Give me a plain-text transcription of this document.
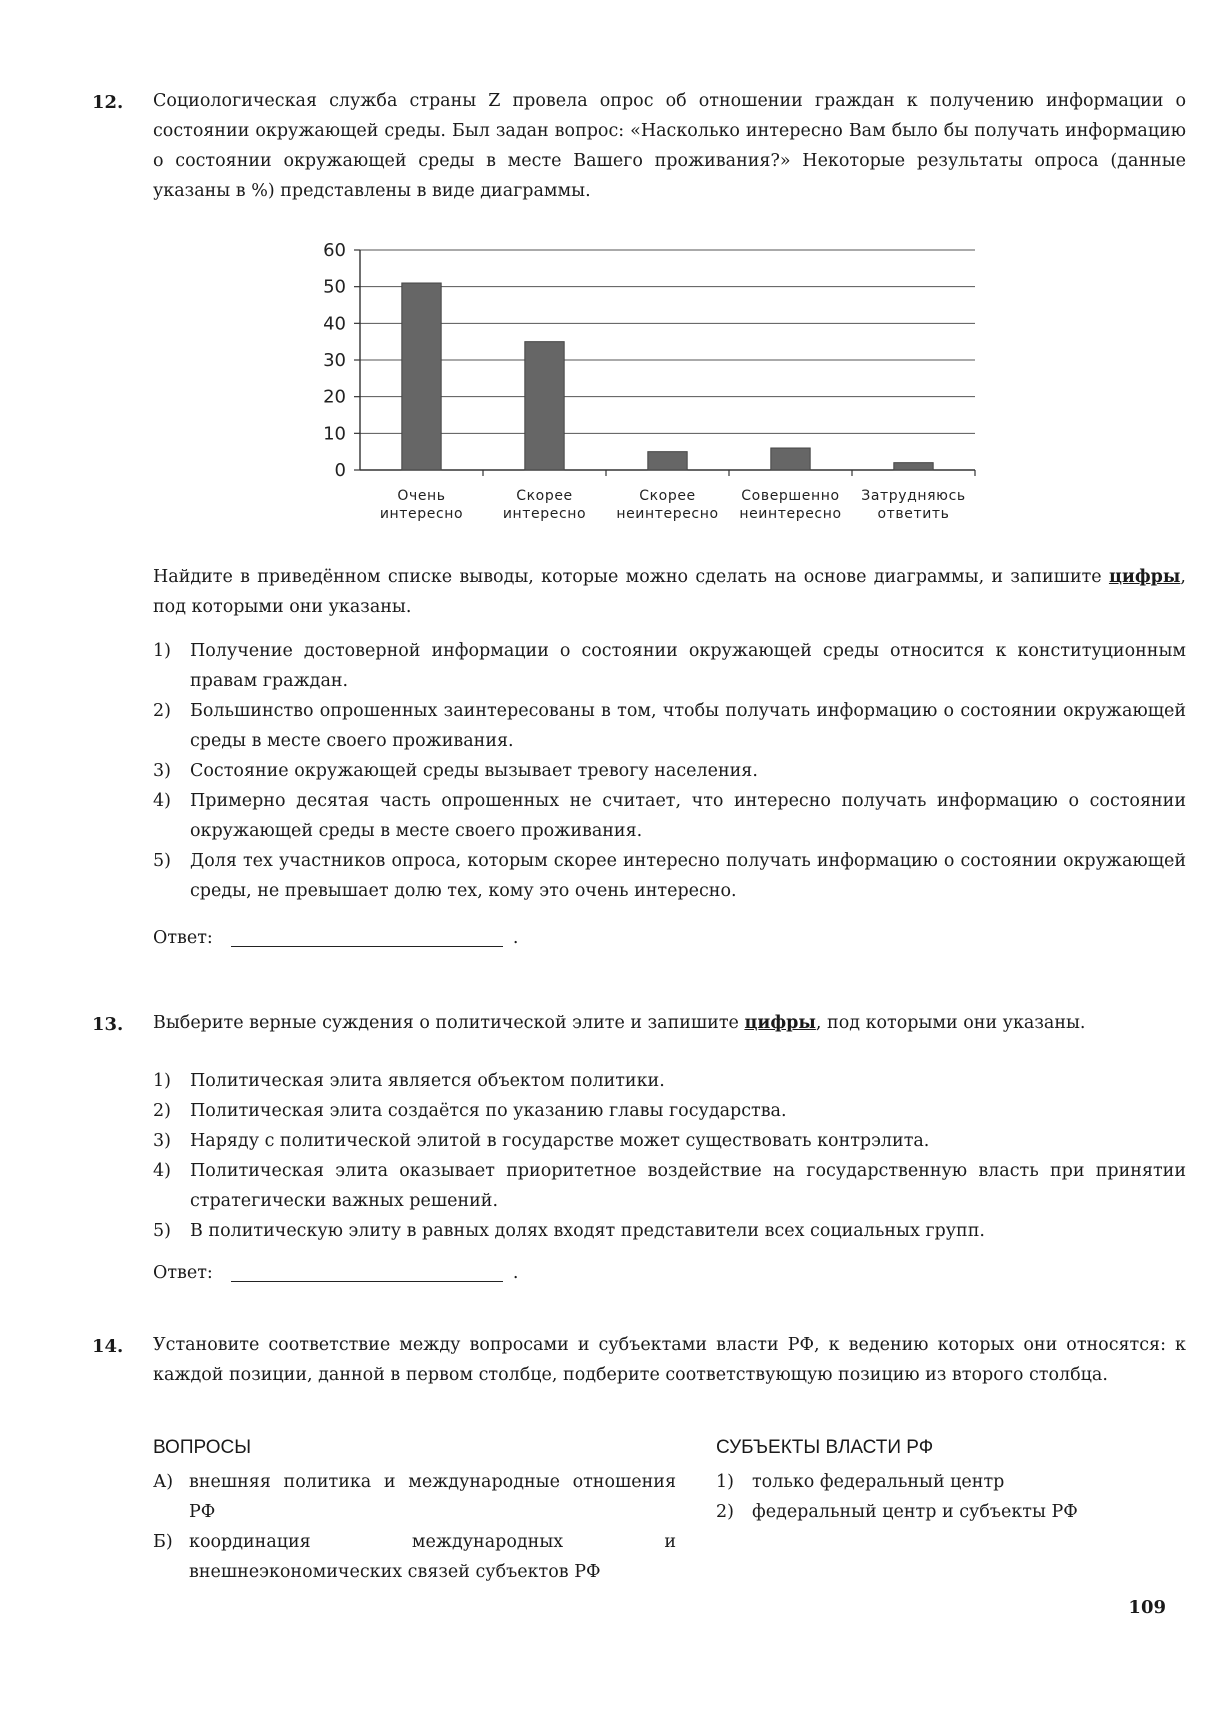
12. Социологическая служба страны Z провела опрос об отношении граждан к получению информации о состоянии окружающей среды. Был задан вопрос: «Насколько интересно Вам было бы получать информацию о состоянии окружающей среды в месте Вашего проживания?» Некоторые результаты опроса (данные указаны в %) представлены в виде диаграммы.
0
10
20
30
40
50
60
Очень
интересно
Скорее
интересно
Скорее
неинтересно
Совершенно
неинтересно
Затрудняюсь
ответить
Найдите в приведённом списке выводы, которые можно сделать на основе диаграммы, и запишите цифры, под которыми они указаны.
1) Получение достоверной информации о состоянии окружающей среды относится к конституционным правам граждан.
2) Большинство опрошенных заинтересованы в том, чтобы получать информацию о состоянии окружающей среды в месте своего проживания.
3) Состояние окружающей среды вызывает тревогу населения.
4) Примерно десятая часть опрошенных не считает, что интересно получать информацию о состоянии окружающей среды в месте своего проживания.
5) Доля тех участников опроса, которым скорее интересно получать информацию о состоянии окружающей среды, не превышает долю тех, кому это очень интересно.
Ответ:	.
13. Выберите верные суждения о политической элите и запишите цифры, под которыми они указаны.
1) Политическая элита является объектом политики.
2) Политическая элита создаётся по указанию главы государства.
3) Наряду с политической элитой в государстве может существовать контрэлита.
4) Политическая элита оказывает приоритетное воздействие на государственную власть при принятии стратегически важных решений.
5) В политическую элиту в равных долях входят представители всех социальных групп.
Ответ:	.
14. Установите соответствие между вопросами и субъектами власти РФ, к ведению которых они относятся: к каждой позиции, данной в первом столбце, подберите соответствующую позицию из второго столбца.
ВОПРОСЫ
А) внешняя политика и международные отношения РФ
Б) координация международных и внешнеэкономических связей субъектов РФ
СУБЪЕКТЫ ВЛАСТИ РФ
1) только федеральный центр
2) федеральный центр и субъекты РФ
109
